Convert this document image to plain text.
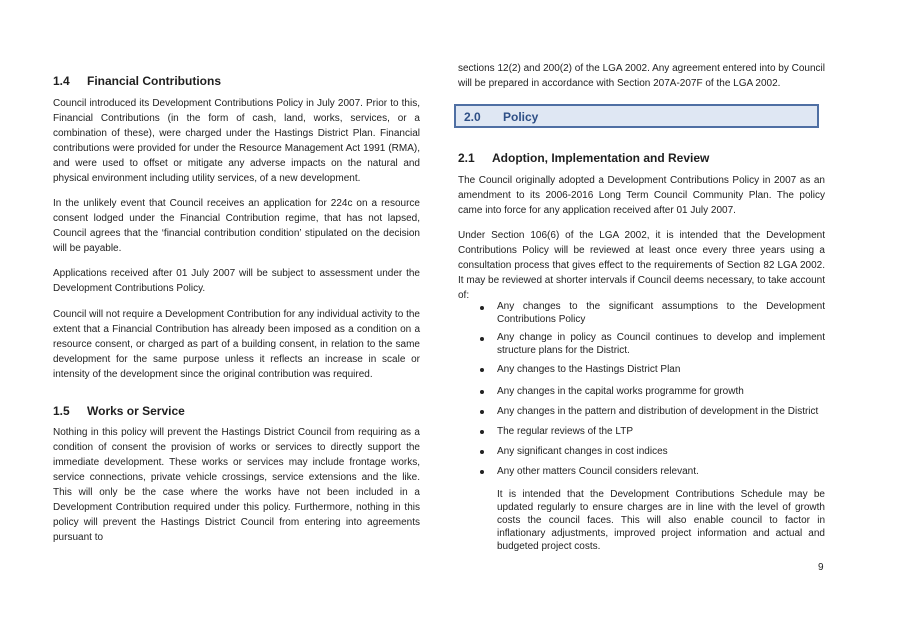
1.4 Financial Contributions

Council introduced its Development Contributions Policy in July 2007. Prior to this, Financial Contributions (in the form of cash, land, works, services, or a combination of these), were charged under the Hastings District Plan. Financial contributions were provided for under the Resource Management Act 1991 (RMA), and were used to offset or mitigate any adverse impacts on the natural and physical environment including utility services, of a new development.

In the unlikely event that Council receives an application for 224c on a resource consent lodged under the Financial Contribution regime, that has not lapsed, Council agrees that the ‘financial contribution condition’ stipulated on the decision will be payable.

Applications received after 01 July 2007 will be subject to assessment under the Development Contributions Policy.

Council will not require a Development Contribution for any individual activity to the extent that a Financial Contribution has already been imposed as a condition on a resource consent, or charged as part of a building consent, in relation to the same development for the same purpose unless it reflects an increase in scale or intensity of the development since the original contribution was required.

1.5 Works or Service

Nothing in this policy will prevent the Hastings District Council from requiring as a condition of consent the provision of works or services to directly support the immediate development. These works or services may include frontage works, service connections, private vehicle crossings, service extensions and the like. This will only be the case where the works have not been included in a Development Contribution required under this policy. Furthermore, nothing in this policy will prevent the Hastings District Council from entering into agreements pursuant to

sections 12(2) and 200(2) of the LGA 2002. Any agreement entered into by Council will be prepared in accordance with Section 207A-207F of the LGA 2002.

2.1 Adoption, Implementation and Review

The Council originally adopted a Development Contributions Policy in 2007 as an amendment to its 2006-2016 Long Term Council Community Plan. The policy came into force for any application received after 01 July 2007.

Under Section 106(6) of the LGA 2002, it is intended that the Development Contributions Policy will be reviewed at least once every three years using a consultation process that gives effect to the requirements of Section 82 LGA 2002. It may be reviewed at shorter intervals if Council deems necessary, to take account of:

Any changes to the significant assumptions to the Development Contributions Policy
Any change in policy as Council continues to develop and implement structure plans for the District.
Any changes to the Hastings District Plan
Any changes in the capital works programme for growth
Any changes in the pattern and distribution of development in the District
The regular reviews of the LTP
Any significant changes in cost indices
Any other matters Council considers relevant.

It is intended that the Development Contributions Schedule may be updated regularly to ensure charges are in line with the level of growth costs the council faces. This will also enable council to factor in inflationary adjustments, improved project information and actual and budgeted project costs.

2.0 Policy
9
